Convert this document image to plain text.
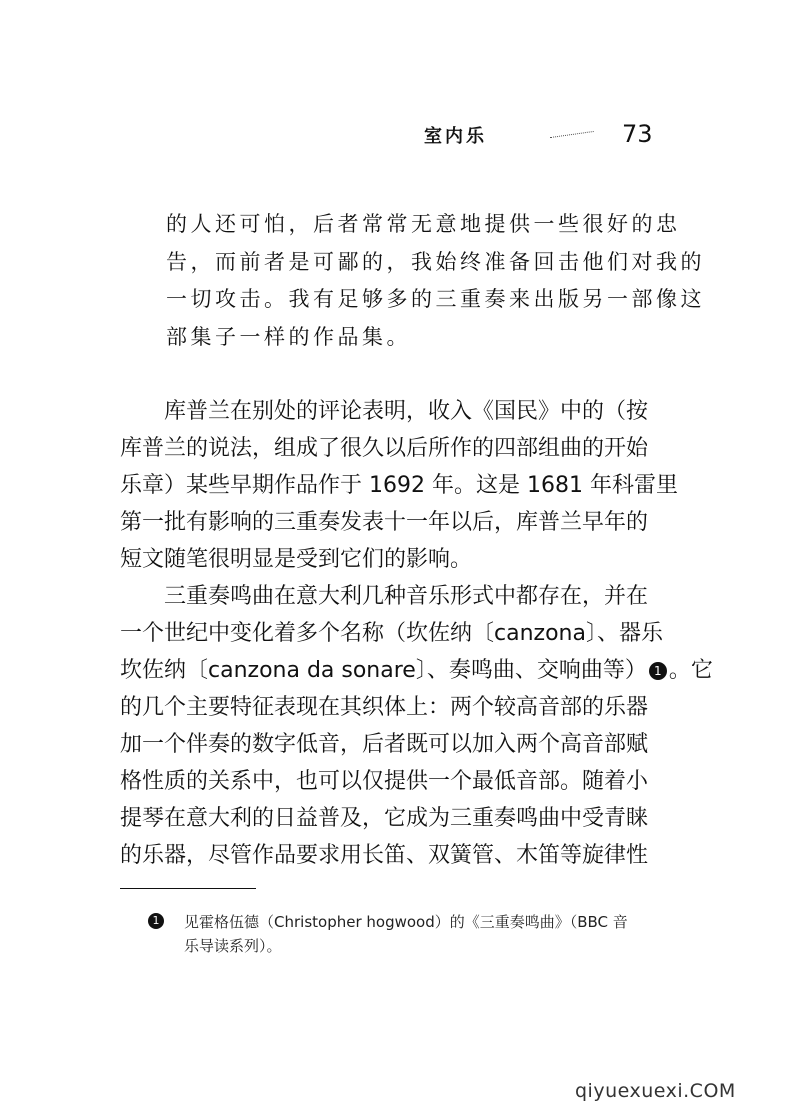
室内乐	73
的人还可怕，后者常常无意地提供一些很好的忠
告，而前者是可鄙的，我始终准备回击他们对我的
一切攻击。我有足够多的三重奏来出版另一部像这
部集子一样的作品集。
库普兰在别处的评论表明，收入《国民》中的（按
库普兰的说法，组成了很久以后所作的四部组曲的开始
乐章）某些早期作品作于 1692 年。这是 1681 年科雷里
第一批有影响的三重奏发表十一年以后，库普兰早年的
短文随笔很明显是受到它们的影响。
三重奏鸣曲在意大利几种音乐形式中都存在，并在
一个世纪中变化着多个名称（坎佐纳〔canzona〕、器乐
坎佐纳〔canzona da sonare〕、奏鸣曲、交响曲等） 1 。它
的几个主要特征表现在其织体上：两个较高音部的乐器
加一个伴奏的数字低音，后者既可以加入两个高音部赋
格性质的关系中，也可以仅提供一个最低音部。随着小
提琴在意大利的日益普及，它成为三重奏鸣曲中受青睐
的乐器，尽管作品要求用长笛、双簧管、木笛等旋律性
1	见霍格伍德（Christopher hogwood）的《三重奏鸣曲》（BBC 音
乐导读系列）。
qiyuexuexi.COM
